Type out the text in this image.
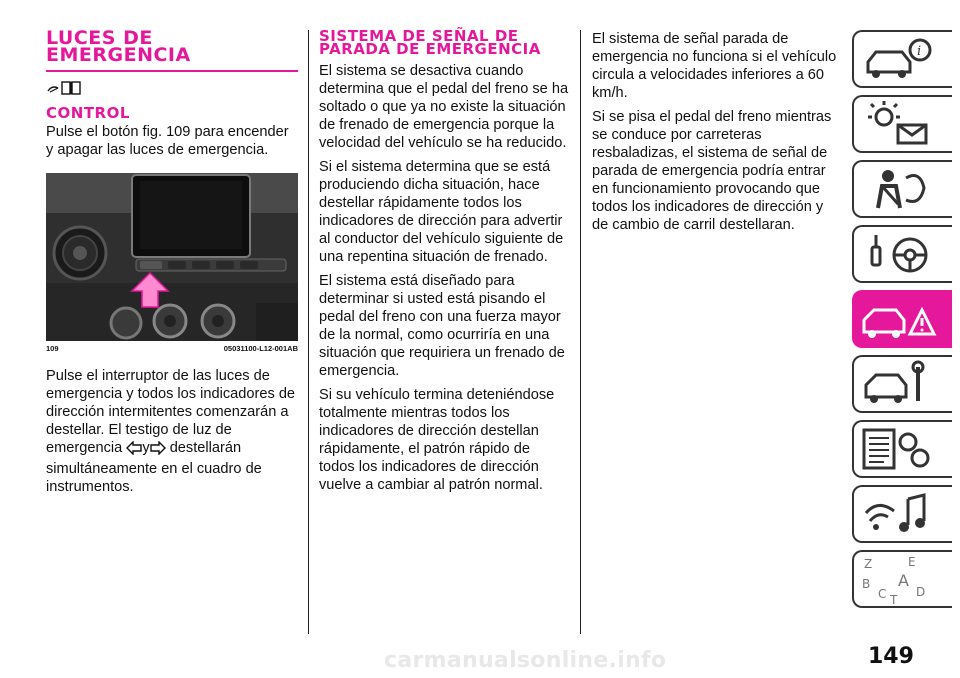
LUCES DE EMERGENCIA
CONTROL

Pulse el botón fig. 109 para encender y apagar las luces de emergencia.

109	05031100-L12-001AB

Pulse el interruptor de las luces de emergencia y todos los indicadores de dirección intermitentes comenzarán a destellar. El testigo de luz de emergencia y destellarán simultáneamente en el cuadro de instrumentos.

SISTEMA DE SEÑAL DE PARADA DE EMERGENCIA

El sistema se desactiva cuando determina que el pedal del freno se ha soltado o que ya no existe la situación de frenado de emergencia porque la velocidad del vehículo se ha reducido.

Si el sistema determina que se está produciendo dicha situación, hace destellar rápidamente todos los indicadores de dirección para advertir al conductor del vehículo siguiente de una repentina situación de frenado.

El sistema está diseñado para determinar si usted está pisando el pedal del freno con una fuerza mayor de la normal, como ocurriría en una situación que requiriera un frenado de emergencia.

Si su vehículo termina deteniéndose totalmente mientras todos los indicadores de dirección destellan rápidamente, el patrón rápido de todos los indicadores de dirección vuelve a cambiar al patrón normal.

El sistema de señal parada de emergencia no funciona si el vehículo circula a velocidades inferiores a 60 km/h.

Si se pisa el pedal del freno mientras se conduce por carreteras resbaladizas, el sistema de señal de parada de emergencia podría entrar en funcionamiento provocando que todos los indicadores de dirección y de cambio de carril destellaran.

i
Z	E
B
C
A
T
D
carmanualsonline.info	149
